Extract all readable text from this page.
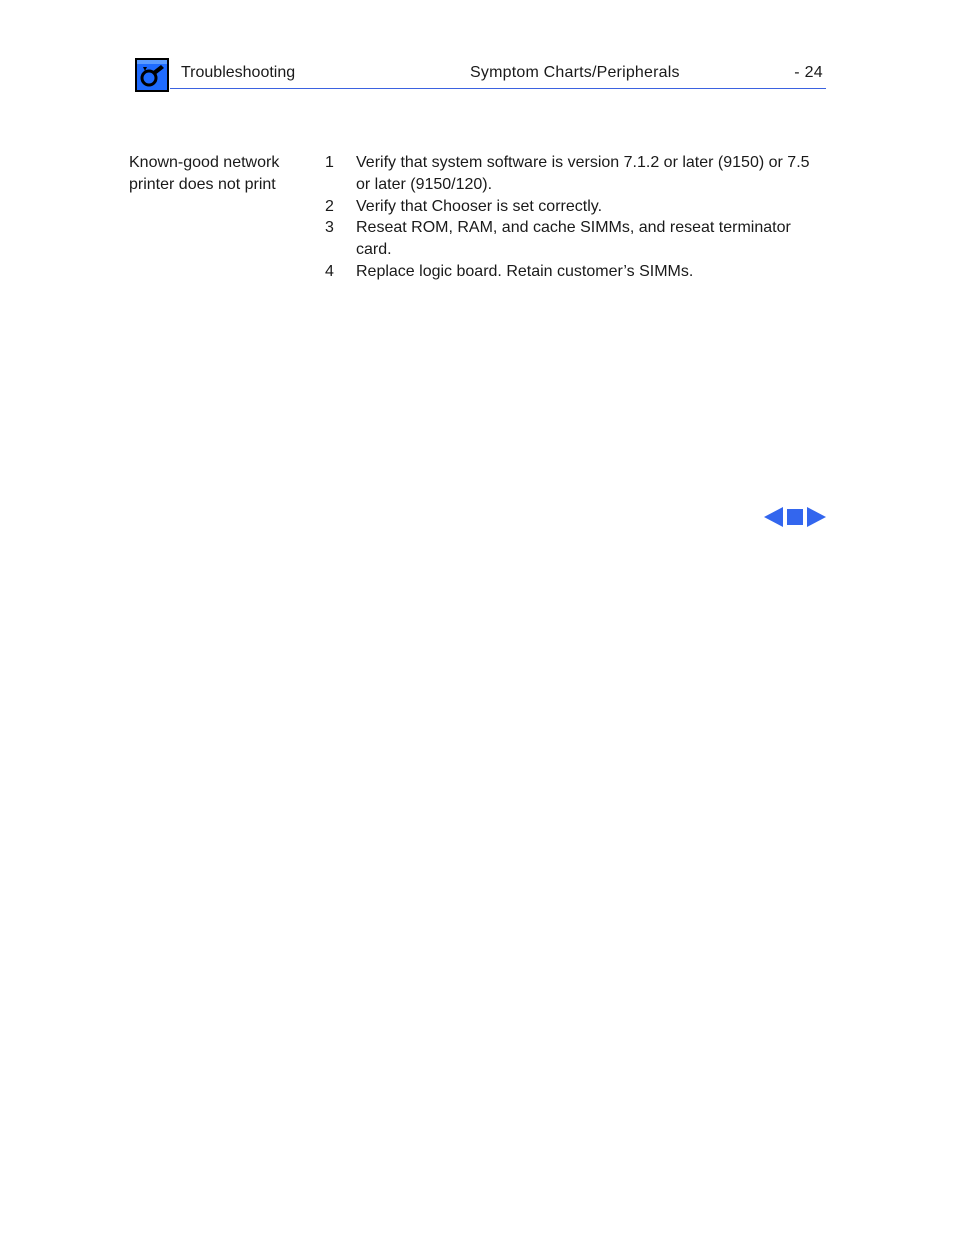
Troubleshooting	Symptom Charts/Peripherals	- 24
Known-good network
printer does not print
1 Verify that system software is version 7.1.2 or later (9150) or 7.5 or later (9150/120).
2 Verify that Chooser is set correctly.
3 Reseat ROM, RAM, and cache SIMMs, and reseat terminator card.
4 Replace logic board. Retain customer’s SIMMs.
